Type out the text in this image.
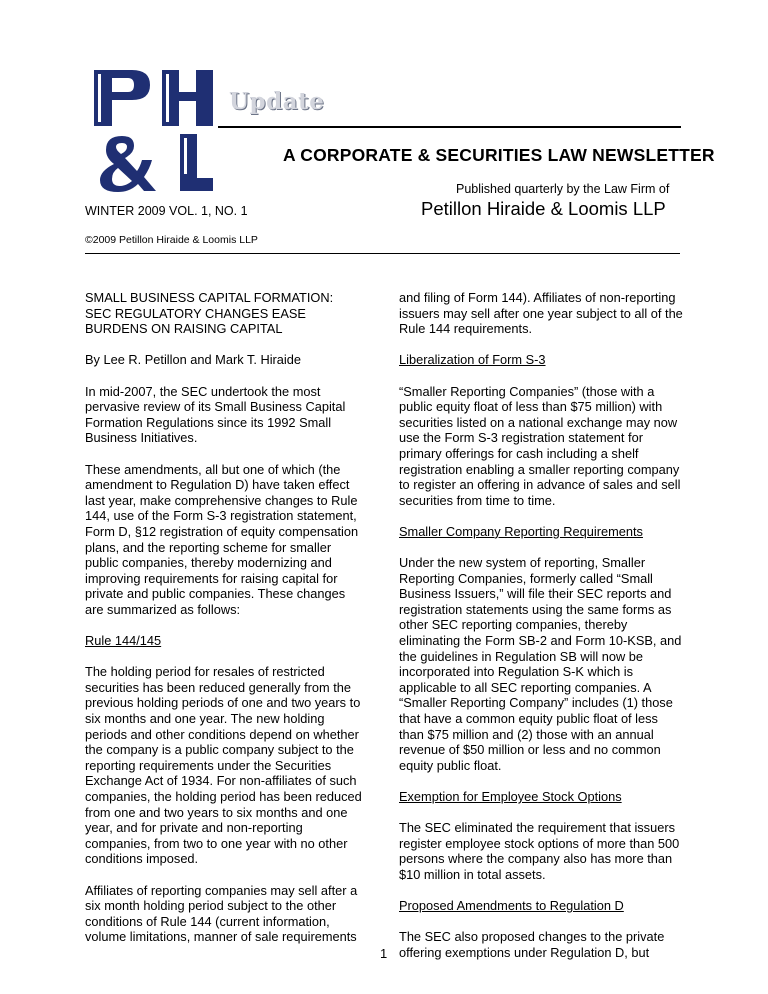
Update
A CORPORATE & SECURITIES LAW NEWSLETTER
Published quarterly by the Law Firm of
WINTER 2009 VOL. 1, NO. 1	Petillon Hiraide & Loomis LLP
©2009 Petillon Hiraide & Loomis LLP

SMALL BUSINESS CAPITAL FORMATION:
SEC REGULATORY CHANGES EASE
BURDENS ON RAISING CAPITAL

By Lee R. Petillon and Mark T. Hiraide

In mid-2007, the SEC undertook the most pervasive review of its Small Business Capital Formation Regulations since its 1992 Small Business Initiatives.

These amendments, all but one of which (the amendment to Regulation D) have taken effect last year, make comprehensive changes to Rule 144, use of the Form S-3 registration statement, Form D, §12 registration of equity compensation plans, and the reporting scheme for smaller public companies, thereby modernizing and improving requirements for raising capital for private and public companies. These changes are summarized as follows:

Rule 144/145

The holding period for resales of restricted securities has been reduced generally from the previous holding periods of one and two years to six months and one year. The new holding periods and other conditions depend on whether the company is a public company subject to the reporting requirements under the Securities Exchange Act of 1934. For non-affiliates of such companies, the holding period has been reduced from one and two years to six months and one year, and for private and non-reporting companies, from two to one year with no other conditions imposed.

Affiliates of reporting companies may sell after a six month holding period subject to the other conditions of Rule 144 (current information, volume limitations, manner of sale requirements

and filing of Form 144). Affiliates of non-reporting issuers may sell after one year subject to all of the Rule 144 requirements.

Liberalization of Form S-3

“Smaller Reporting Companies” (those with a public equity float of less than $75 million) with securities listed on a national exchange may now use the Form S-3 registration statement for primary offerings for cash including a shelf registration enabling a smaller reporting company to register an offering in advance of sales and sell securities from time to time.

Smaller Company Reporting Requirements

Under the new system of reporting, Smaller Reporting Companies, formerly called “Small Business Issuers,” will file their SEC reports and registration statements using the same forms as other SEC reporting companies, thereby eliminating the Form SB-2 and Form 10-KSB, and the guidelines in Regulation SB will now be incorporated into Regulation S-K which is applicable to all SEC reporting companies. A “Smaller Reporting Company” includes (1) those that have a common equity public float of less than $75 million and (2) those with an annual revenue of $50 million or less and no common equity public float.

Exemption for Employee Stock Options

The SEC eliminated the requirement that issuers register employee stock options of more than 500 persons where the company also has more than $10 million in total assets.

Proposed Amendments to Regulation D

The SEC also proposed changes to the private offering exemptions under Regulation D, but

1
